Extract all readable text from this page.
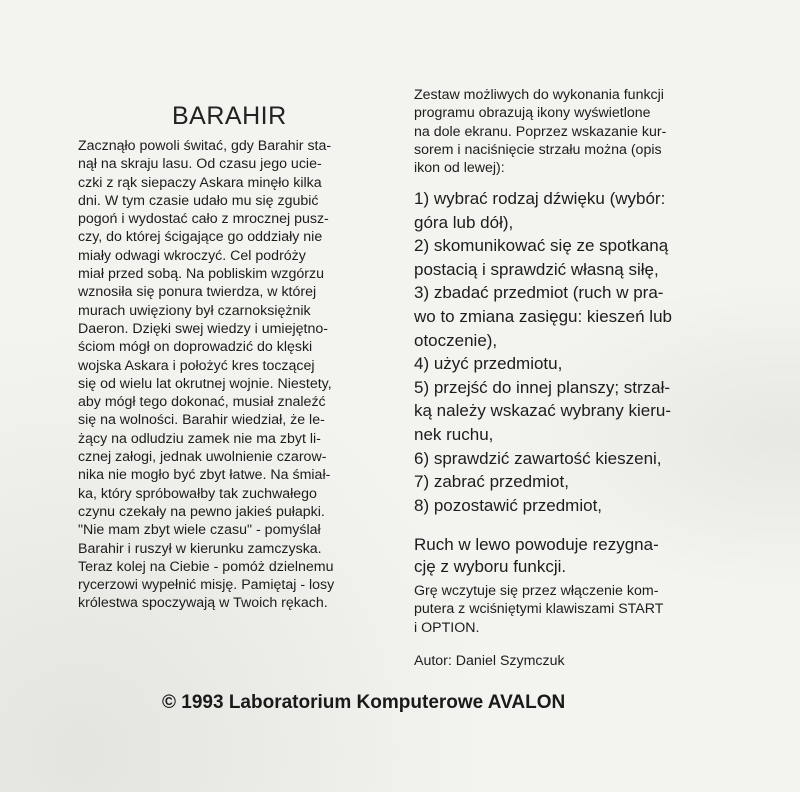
BARAHIR
Zacznąło powoli świtać, gdy Barahir sta-
nął na skraju lasu. Od czasu jego ucie-
czki z rąk siepaczy Askara minęło kilka
dni. W tym czasie udało mu się zgubić
pogoń i wydostać cało z mrocznej pusz-
czy, do której ścigające go oddziały nie
miały odwagi wkroczyć. Cel podróży
miał przed sobą. Na pobliskim wzgórzu
wznosiła się ponura twierdza, w której
murach uwięziony był czarnoksiężnik
Daeron. Dzięki swej wiedzy i umiejętno-
ściom mógł on doprowadzić do klęski
wojska Askara i położyć kres toczącej
się od wielu lat okrutnej wojnie. Niestety,
aby mógł tego dokonać, musiał znaleźć
się na wolności. Barahir wiedział, że le-
żący na odludziu zamek nie ma zbyt li-
cznej załogi, jednak uwolnienie czarow-
nika nie mogło być zbyt łatwe. Na śmiał-
ka, który spróbowałby tak zuchwałego
czynu czekały na pewno jakieś pułapki.
"Nie mam zbyt wiele czasu" - pomyślał
Barahir i ruszył w kierunku zamczyska.
Teraz kolej na Ciebie - pomóż dzielnemu
rycerzowi wypełnić misję. Pamiętaj - losy
królestwa spoczywają w Twoich rękach.
Zestaw możliwych do wykonania funkcji
programu obrazują ikony wyświetlone
na dole ekranu. Poprzez wskazanie kur-
sorem i naciśnięcie strzału można (opis
ikon od lewej):
1) wybrać rodzaj dźwięku (wybór:
góra lub dół),
2) skomunikować się ze spotkaną
postacią i sprawdzić własną siłę,
3) zbadać przedmiot (ruch w pra-
wo to zmiana zasięgu: kieszeń lub
otoczenie),
4) użyć przedmiotu,
5) przejść do innej planszy; strzał-
ką należy wskazać wybrany kieru-
nek ruchu,
6) sprawdzić zawartość kieszeni,
7) zabrać przedmiot,
8) pozostawić przedmiot,
Ruch w lewo powoduje rezygna-
cję z wyboru funkcji.
Grę wczytuje się przez włączenie kom-
putera z wciśniętymi klawiszami START
i OPTION.
Autor: Daniel Szymczuk
© 1993 Laboratorium Komputerowe AVALON
